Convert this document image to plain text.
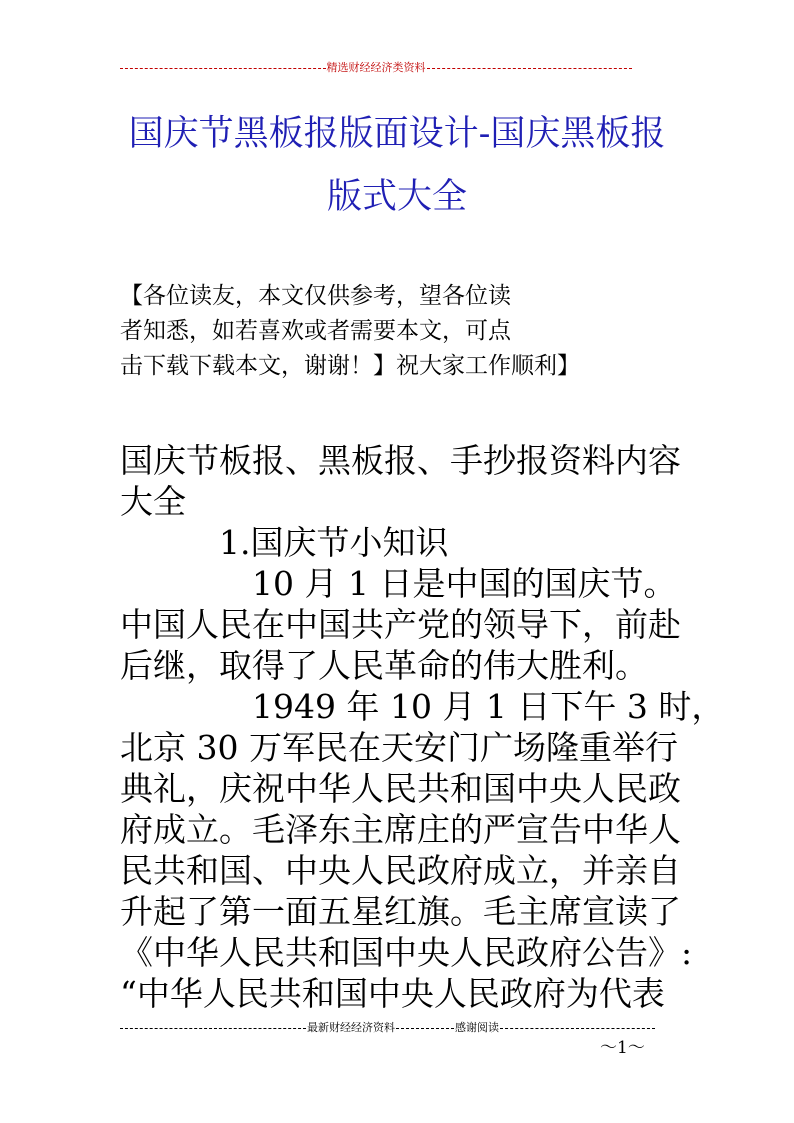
精选财经经济类资料
国庆节黑板报版面设计-国庆黑板报
版式大全
【各位读友，本文仅供参考，望各位读
者知悉，如若喜欢或者需要本文，可点
击下载下载本文，谢谢！】祝大家工作顺利】
国庆节板报、黑板报、手抄报资料内容
大全
　　　1.国庆节小知识
　　　　10 月 1 日是中国的国庆节。
中国人民在中国共产党的领导下，前赴
后继，取得了人民革命的伟大胜利。
　　　　1949 年 10 月 1 日下午 3 时，
北京 30 万军民在天安门广场隆重举行
典礼，庆祝中华人民共和国中央人民政
府成立。毛泽东主席庄的严宣告中华人
民共和国、中央人民政府成立，并亲自
升起了第一面五星红旗。毛主席宣读了
《中华人民共和国中央人民政府公告》:
“中华人民共和国中央人民政府为代表
最新财经经济资料	感谢阅读
～1～
